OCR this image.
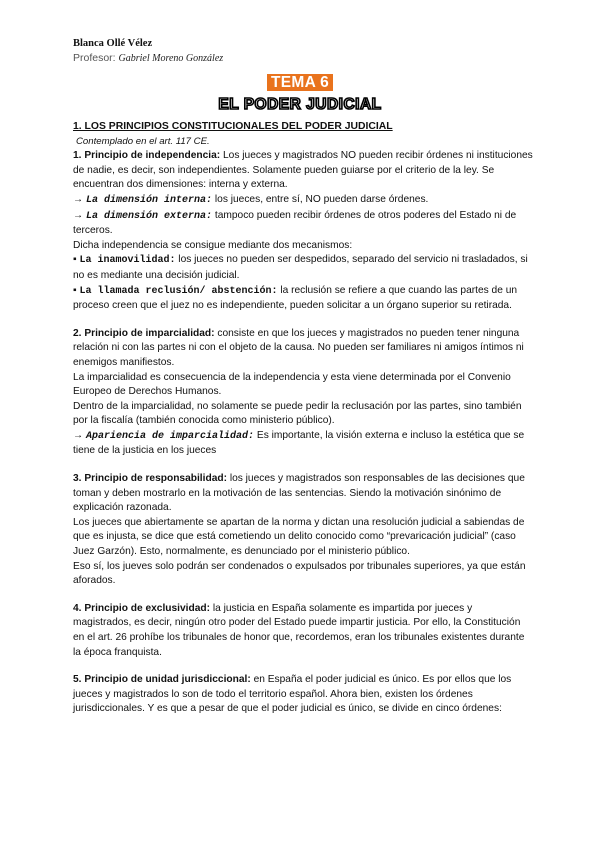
Blanca Ollé Vélez
Profesor: Gabriel Moreno González
TEMA 6
EL PODER JUDICIAL

1. LOS PRINCIPIOS CONSTITUCIONALES DEL PODER JUDICIAL

Contemplado en el art. 117 CE.

1. Principio de independencia: Los jueces y magistrados NO pueden recibir órdenes ni instituciones de nadie, es decir, son independientes. Solamente pueden guiarse por el criterio de la ley. Se encuentran dos dimensiones: interna y externa.

→ La dimensión interna: los jueces, entre sí, NO pueden darse órdenes.

→ La dimensión externa: tampoco pueden recibir órdenes de otros poderes del Estado ni de terceros.

Dicha independencia se consigue mediante dos mecanismos:

▪ La inamovilidad: los jueces no pueden ser despedidos, separado del servicio ni trasladados, si no es mediante una decisión judicial.

▪ La llamada reclusión/ abstención: la reclusión se refiere a que cuando las partes de un proceso creen que el juez no es independiente, pueden solicitar a un órgano superior su retirada.

2. Principio de imparcialidad: consiste en que los jueces y magistrados no pueden tener ninguna relación ni con las partes ni con el objeto de la causa. No pueden ser familiares ni amigos íntimos ni enemigos manifiestos.

La imparcialidad es consecuencia de la independencia y esta viene determinada por el Convenio Europeo de Derechos Humanos.

Dentro de la imparcialidad, no solamente se puede pedir la reclusación por las partes, sino también por la fiscalía (también conocida como ministerio público).

→ Apariencia de imparcialidad: Es importante, la visión externa e incluso la estética que se tiene de la justicia en los jueces

3. Principio de responsabilidad: los jueces y magistrados son responsables de las decisiones que toman y deben mostrarlo en la motivación de las sentencias. Siendo la motivación sinónimo de explicación razonada.

Los jueces que abiertamente se apartan de la norma y dictan una resolución judicial a sabiendas de que es injusta, se dice que está cometiendo un delito conocido como “prevaricación judicial” (caso Juez Garzón). Esto, normalmente, es denunciado por el ministerio público.

Eso sí, los jueves solo podrán ser condenados o expulsados por tribunales superiores, ya que están aforados.

4. Principio de exclusividad: la justicia en España solamente es impartida por jueces y magistrados, es decir, ningún otro poder del Estado puede impartir justicia. Por ello, la Constitución en el art. 26 prohíbe los tribunales de honor que, recordemos, eran los tribunales existentes durante la época franquista.

5. Principio de unidad jurisdiccional: en España el poder judicial es único. Es por ellos que los jueces y magistrados lo son de todo el territorio español. Ahora bien, existen los órdenes jurisdiccionales. Y es que a pesar de que el poder judicial es único, se divide en cinco órdenes:
